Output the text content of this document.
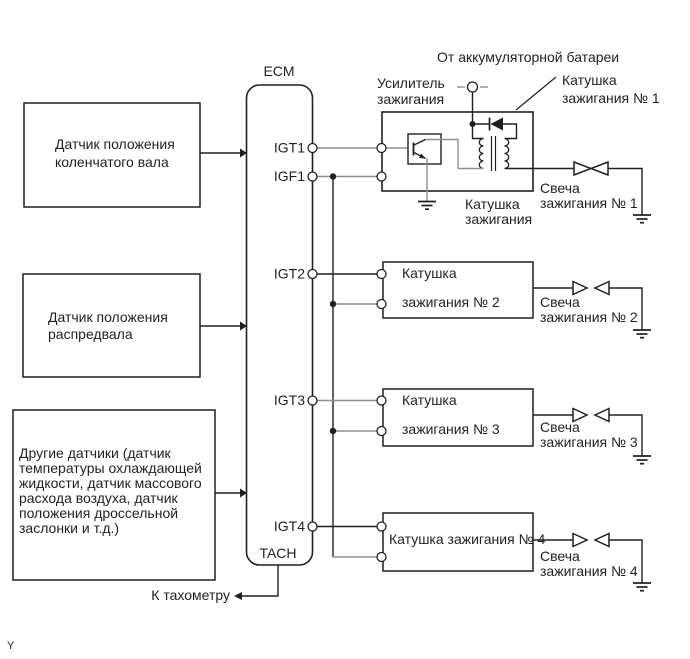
Датчик положения
коленчатого вала
Датчик положения
распредвала
Другие датчики (датчик
температуры охлаждающей
жидкости, датчик массового
расхода воздуха, датчик
положения дроссельной
заслонки и т.д.)
ECM
IGT1
IGF1
IGT2
IGT3
IGT4
TACH
Катушка
зажигания № 2
Катушка
зажигания № 3
Катушка зажигания № 4
От аккумуляторной батареи
Усилитель
зажигания
Катушка
зажигания № 1
Катушка
зажигания
Свеча
зажигания № 1
Свеча
зажигания № 2
Свеча
зажигания № 3
Свеча
зажигания № 4
К тахометру
Y
